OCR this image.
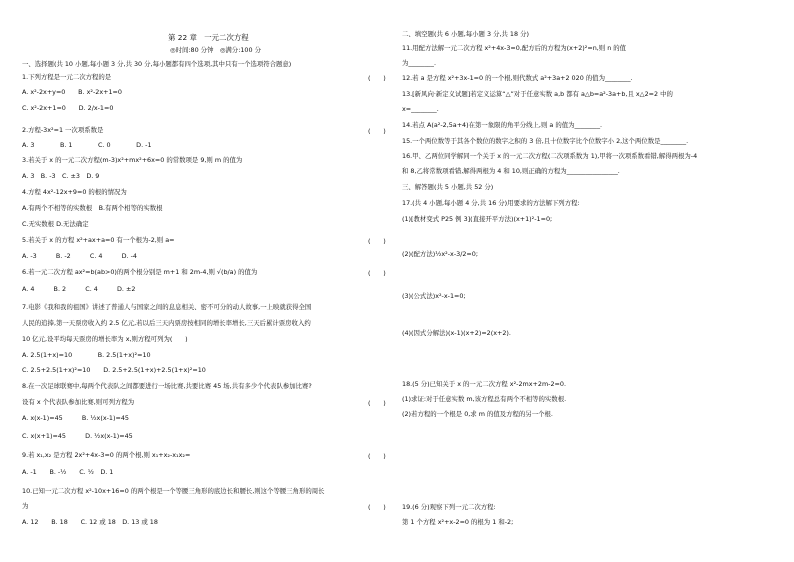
第 22 章　一元二次方程
◎时间:80 分钟　◎满分:100 分
一、选择题(共 10 小题,每小题 3 分,共 30 分,每小题都有四个选项,其中只有一个选项符合题意)
1.下列方程是一元二次方程的是	(　　)
A. x²-2x+y=0　　B. x²-2x+1=0
C. x²-2x+1=0　　D. 2/x-1=0
2.方程-3x²=1 一次项系数是	(　　)
A. 3　　　　B. 1　　　　C. 0　　　　D. -1
3.若关于 x 的一元二次方程(m-3)x²+mx²+6x=0 的常数项是 9,则 m 的值为
A. 3　B. -3　C. ±3　D. 9
4.方程 4x²-12x+9=0 的根的情况为
A.有两个不相等的实数根　B.有两个相等的实数根
C.无实数根 D.无法确定
5.若关于 x 的方程 x²+ax+a=0 有一个根为-2,则 a=	(　　)
A. -3　　　B. -2　　　C. 4　　　D. -4
6.若一元二次方程 ax²=b(ab>0)的两个根分别是 m+1 和 2m-4,则 √(b/a) 的值为	(　　)
A. 4　　　B. 2　　　C. 4　　　D. ±2
7.电影《我和我的祖国》讲述了普通人与国家之间的息息相关、密不可分的动人故事,一上映就获得全国
人民的追捧,第一天票房收入约 2.5 亿元,若以后三天内票房按相同的增长率增长,三天后累计票房收入约
10 亿元,设平均每天票房的增长率为 x,则方程可列为(　　)
A. 2.5(1+x)=10　　　　B. 2.5(1+x)²=10
C. 2.5+2.5(1+x)²=10　　D. 2.5+2.5(1+x)+2.5(1+x)²=10
8.在一次足球联赛中,每两个代表队之间都要进行一场比赛,共要比赛 45 场,共有多少个代表队参加比赛?
设有 x 个代表队参加比赛,则可列方程为	(　　)
A. x(x-1)=45　　　B. ½x(x-1)=45
C. x(x+1)=45　　　D. ½x(x-1)=45
9.若 x₁,x₂ 是方程 2x²+4x-3=0 的两个根,则 x₁+x₂-x₁x₂=	(　　)
A. -1　　B. -½　　C. ½　D. 1
10.已知一元二次方程 x²-10x+16=0 的两个根是一个等腰三角形的底边长和腰长,则这个等腰三角形的周长
为	(　　)
A. 12　　B. 18　　C. 12 或 18　D. 13 或 18
二、填空题(共 6 小题,每小题 3 分,共 18 分)
11.用配方法解一元二次方程 x²+4x-3=0,配方后的方程为(x+2)²=n,则 n 的值
为________.
12.若 a 是方程 x²+3x-1=0 的一个根,则代数式 a²+3a+2 020 的值为________.
13.[新风向·新定义试题]若定义运算“△”对于任意实数 a,b 都有 a△b=a²-3a+b,且 x△2=2 中的
x=________.
14.若点 A(a²-2,5a+4)在第一象限的角平分线上,则 a 的值为________.
15.一个两位数等于其各个数位的数字之积的 3 倍,且十位数字比个位数字小 2,这个两位数是________.
16.甲、乙两位同学解同一个关于 x 的一元二次方程(二次项系数为 1),甲将一次项系数看错,解得两根为-4
和 8,乙将常数项看错,解得两根为 4 和 10,则正确的方程为________________.
三、解答题(共 5 小题,共 52 分)
17.(共 4 小题,每小题 4 分,共 16 分)用要求的方法解下列方程:
(1)[教材变式 P25 例 3](直接开平方法)(x+1)²-1=0;
(2)(配方法)½x²-x-3/2=0;
(3)(公式法)x²-x-1=0;
(4)(因式分解法)(x-1)(x+2)=2(x+2).
18.(5 分)已知关于 x 的一元二次方程 x²-2mx+2m-2=0.
(1)求证:对于任意实数 m,该方程总有两个不相等的实数根.
(2)若方程的一个根是 0,求 m 的值及方程的另一个根.
19.(6 分)观察下列一元二次方程:
第 1 个方程 x²+x-2=0 的根为 1 和-2;
